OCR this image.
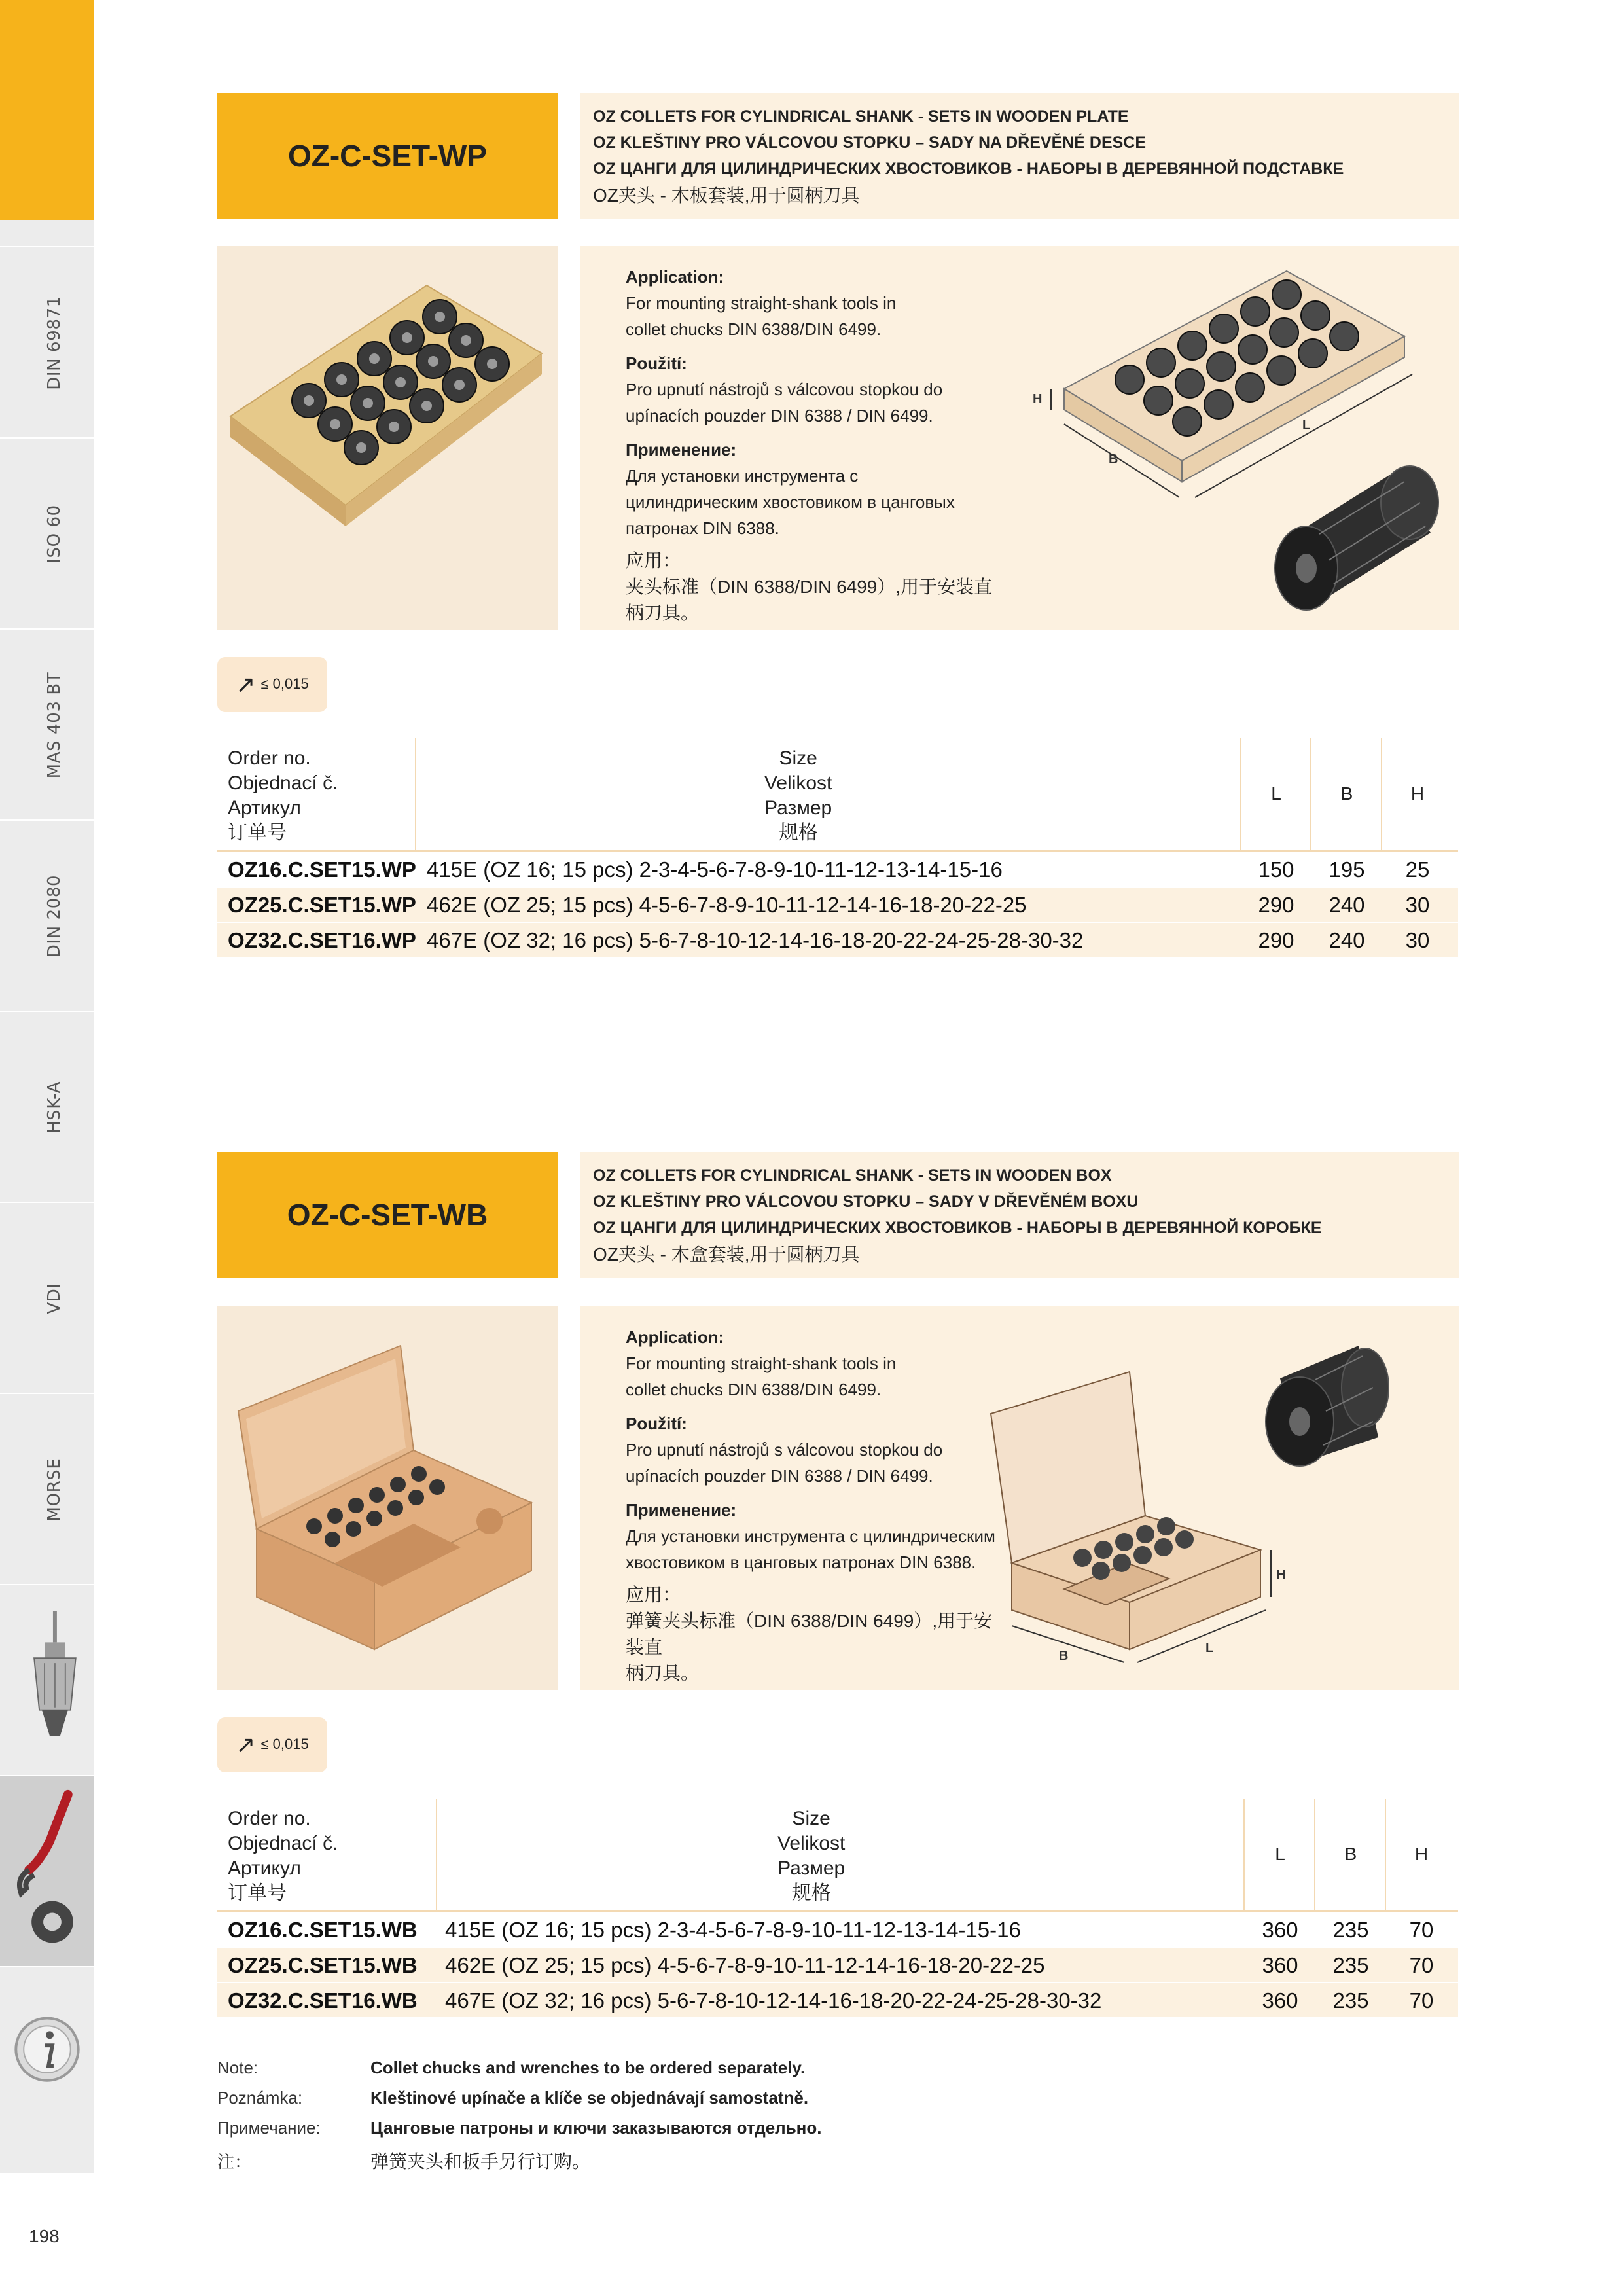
DIN 69871
ISO 60
MAS 403 BT
DIN 2080
HSK-A
VDI
MORSE
198
OZ-C-SET-WP
OZ COLLETS FOR CYLINDRICAL SHANK - SETS IN WOODEN PLATE
OZ KLEŠTINY PRO VÁLCOVOU STOPKU – SADY NA DŘEVĚNÉ DESCE
OZ ЦАНГИ ДЛЯ ЦИЛИНДРИЧЕСКИХ ХВОСТОВИКОВ - НАБОРЫ В ДЕРЕВЯННОЙ ПОДСТАВКЕ
OZ夹头 - 木板套装,用于圆柄刀具
Application:
For mounting straight-shank tools in
collet chucks DIN 6388/DIN 6499.
Použití:
Pro upnutí nástrojů s válcovou stopkou do
upínacích pouzder DIN 6388 / DIN 6499.
Применение:
Для установки инструмента с
цилиндрическим хвостовиком в цанговых
патронах DIN 6388.
应用：
夹头标准（DIN 6388/DIN 6499）,用于安装直柄刀具。
H
B
L
↗ ≤ 0,015
Order no.
Objednací č.
Артикул
订单号
Size
Velikost
Размер
规格
L	B	H
OZ16.C.SET15.WP 415E (OZ 16; 15 pcs) 2-3-4-5-6-7-8-9-10-11-12-13-14-15-16	150	195	25
OZ25.C.SET15.WP 462E (OZ 25; 15 pcs) 4-5-6-7-8-9-10-11-12-14-16-18-20-22-25	290	240	30
OZ32.C.SET16.WP 467E (OZ 32; 16 pcs) 5-6-7-8-10-12-14-16-18-20-22-24-25-28-30-32	290	240	30
OZ-C-SET-WB
OZ COLLETS FOR CYLINDRICAL SHANK - SETS IN WOODEN BOX
OZ KLEŠTINY PRO VÁLCOVOU STOPKU – SADY V DŘEVĚNÉM BOXU
OZ ЦАНГИ ДЛЯ ЦИЛИНДРИЧЕСКИХ ХВОСТОВИКОВ - НАБОРЫ В ДЕРЕВЯННОЙ КОРОБКЕ
OZ夹头 - 木盒套装,用于圆柄刀具
Application:
For mounting straight-shank tools in
collet chucks DIN 6388/DIN 6499.
Použití:
Pro upnutí nástrojů s válcovou stopkou do
upínacích pouzder DIN 6388 / DIN 6499.
Применение:
Для установки инструмента с цилиндрическим
хвостовиком в цанговых патронах DIN 6388.
应用：
弹簧夹头标准（DIN 6388/DIN 6499）,用于安装直
柄刀具。
H
B
L
↗ ≤ 0,015
Order no.
Objednací č.
Артикул
订单号
Size
Velikost
Размер
规格
L	B	H
OZ16.C.SET15.WB	415E (OZ 16; 15 pcs) 2-3-4-5-6-7-8-9-10-11-12-13-14-15-16	360	235	70
OZ25.C.SET15.WB	462E (OZ 25; 15 pcs) 4-5-6-7-8-9-10-11-12-14-16-18-20-22-25	360	235	70
OZ32.C.SET16.WB	467E (OZ 32; 16 pcs) 5-6-7-8-10-12-14-16-18-20-22-24-25-28-30-32	360	235	70
Note:	Collet chucks and wrenches to be ordered separately.
Poznámka:	Kleštinové upínače a klíče se objednávají samostatně.
Примечание:	Цанговые патроны и ключи заказываются отдельно.
注：	弹簧夹头和扳手另行订购。
